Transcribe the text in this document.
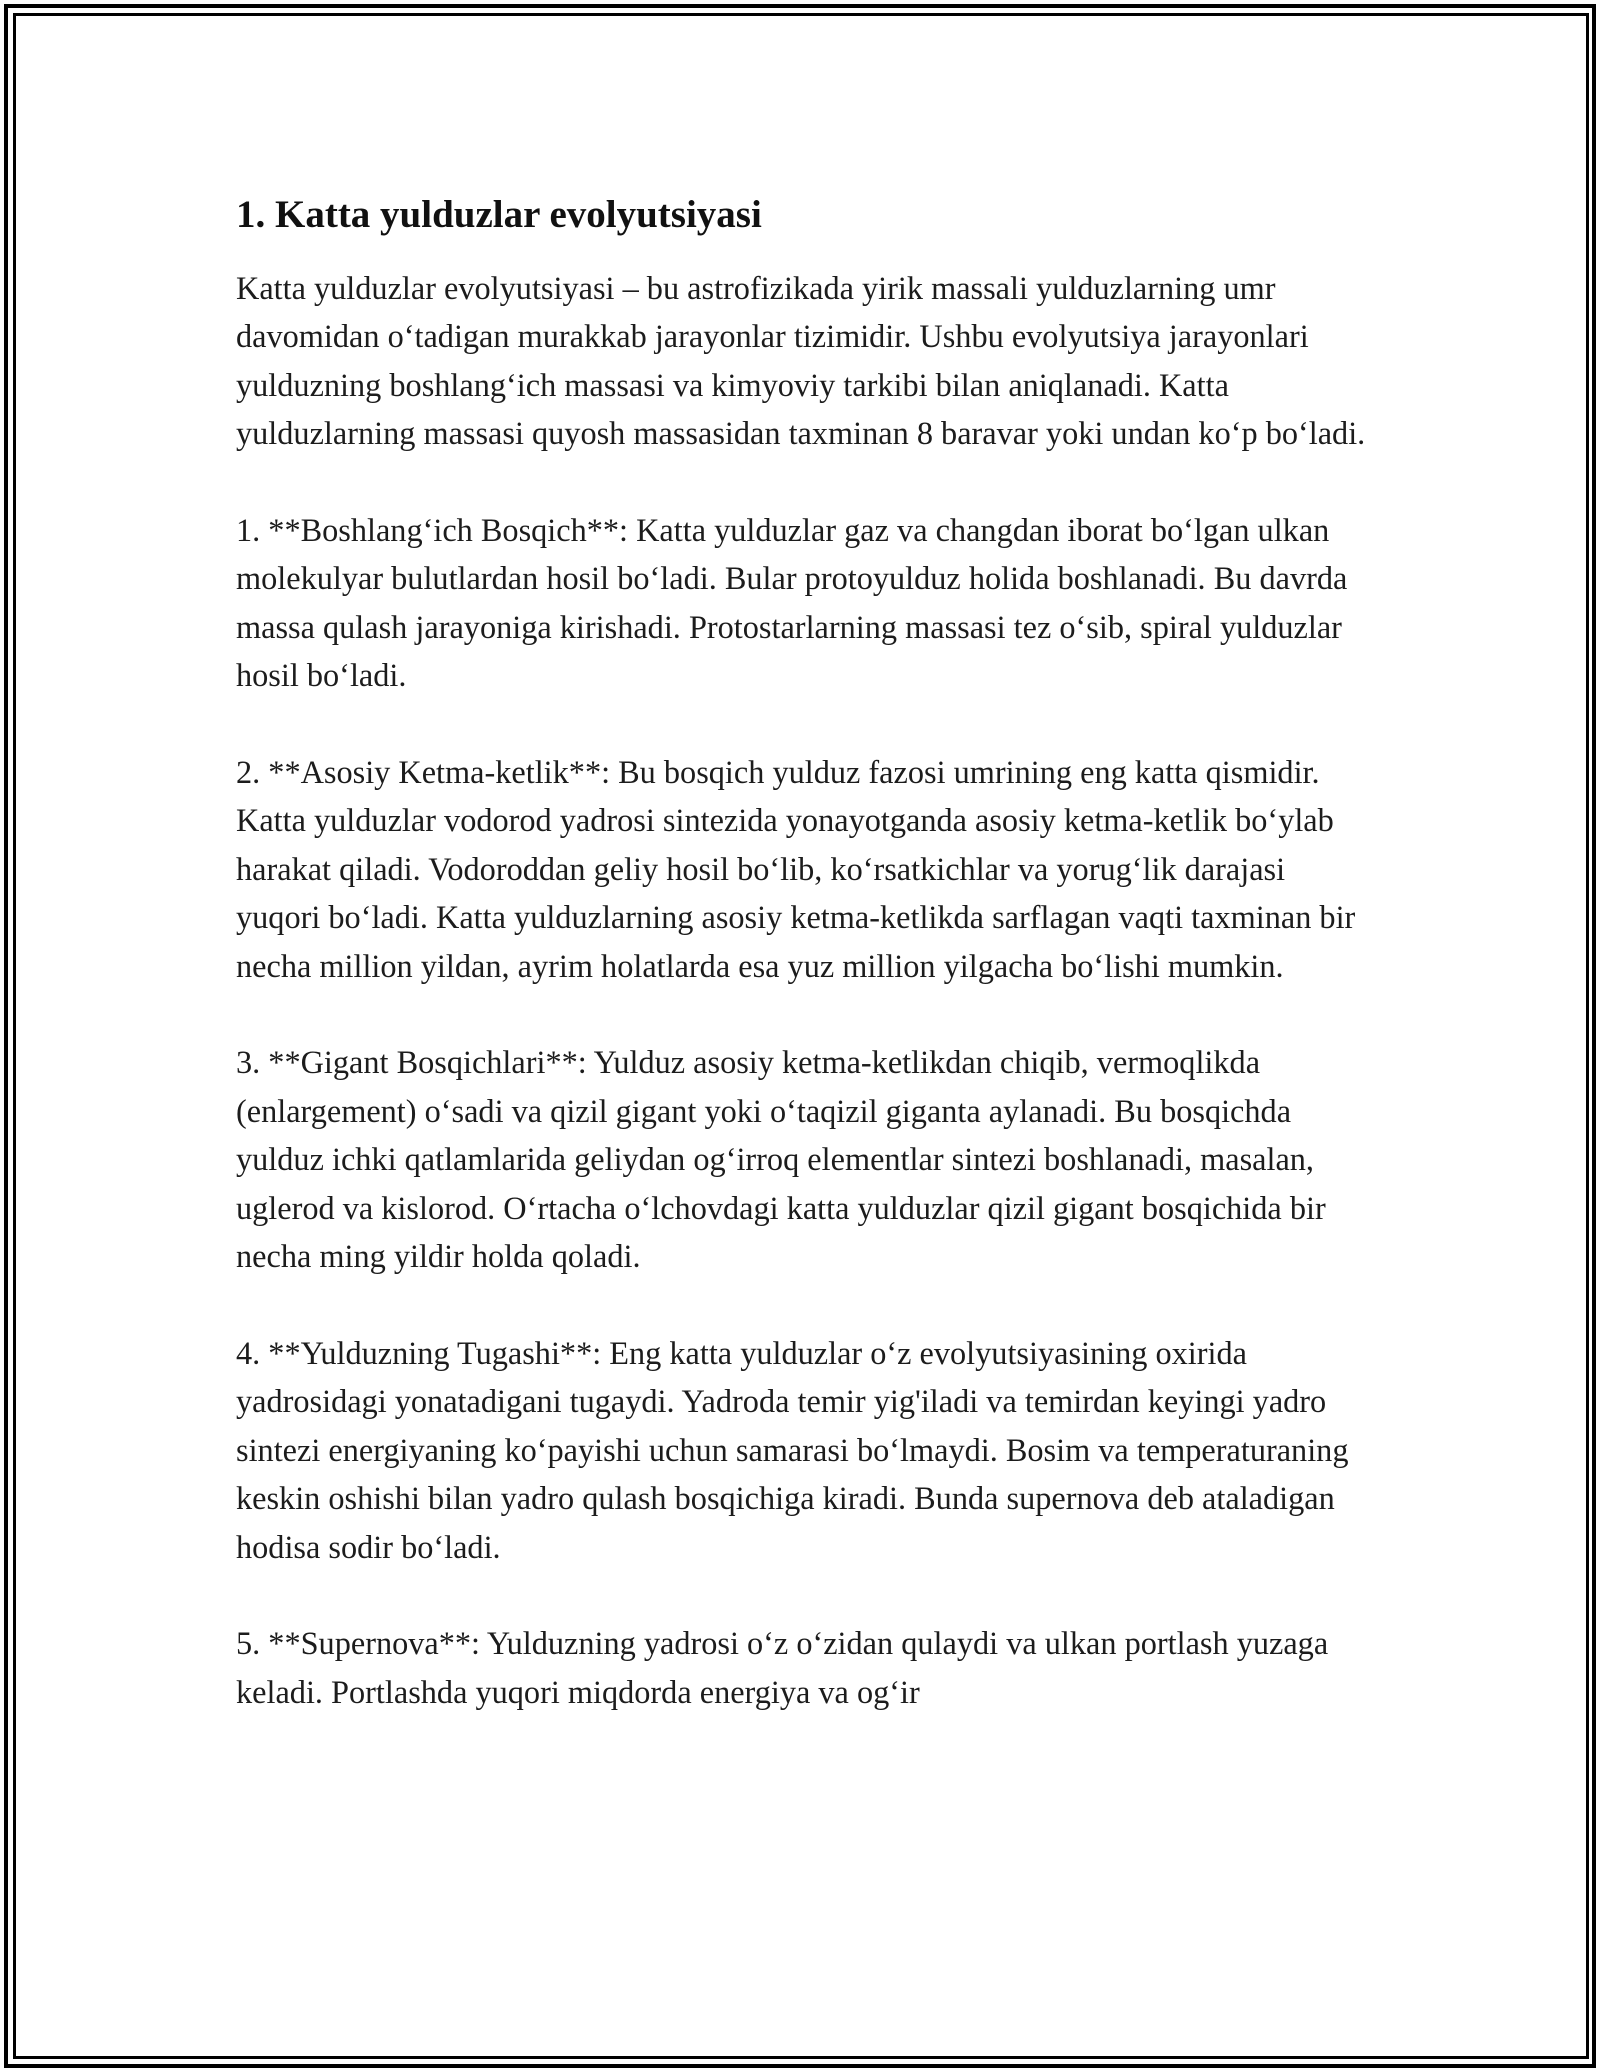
1. Katta yulduzlar evolyutsiyasi

Katta yulduzlar evolyutsiyasi – bu astrofizikada yirik massali yulduzlarning umr davomidan o‘tadigan murakkab jarayonlar tizimidir. Ushbu evolyutsiya jarayonlari yulduzning boshlang‘ich massasi va kimyoviy tarkibi bilan aniqlanadi. Katta yulduzlarning massasi quyosh massasidan taxminan 8 baravar yoki undan ko‘p bo‘ladi.

1. **Boshlang‘ich Bosqich**: Katta yulduzlar gaz va changdan iborat bo‘lgan ulkan molekulyar bulutlardan hosil bo‘ladi. Bular protoyulduz holida boshlanadi. Bu davrda massa qulash jarayoniga kirishadi. Protostarlarning massasi tez o‘sib, spiral yulduzlar hosil bo‘ladi.

2. **Asosiy Ketma-ketlik**: Bu bosqich yulduz fazosi umrining eng katta qismidir. Katta yulduzlar vodorod yadrosi sintezida yonayotganda asosiy ketma-ketlik bo‘ylab harakat qiladi. Vodoroddan geliy hosil bo‘lib, ko‘rsatkichlar va yorug‘lik darajasi yuqori bo‘ladi. Katta yulduzlarning asosiy ketma-ketlikda sarflagan vaqti taxminan bir necha million yildan, ayrim holatlarda esa yuz million yilgacha bo‘lishi mumkin.

3. **Gigant Bosqichlari**: Yulduz asosiy ketma-ketlikdan chiqib, vermoqlikda (enlargement) o‘sadi va qizil gigant yoki o‘taqizil giganta aylanadi. Bu bosqichda yulduz ichki qatlamlarida geliydan og‘irroq elementlar sintezi boshlanadi, masalan, uglerod va kislorod. O‘rtacha o‘lchovdagi katta yulduzlar qizil gigant bosqichida bir necha ming yildir holda qoladi.

4. **Yulduzning Tugashi**: Eng katta yulduzlar o‘z evolyutsiyasining oxirida yadrosidagi yonatadigani tugaydi. Yadroda temir yig'iladi va temirdan keyingi yadro sintezi energiyaning ko‘payishi uchun samarasi bo‘lmaydi. Bosim va temperaturaning keskin oshishi bilan yadro qulash bosqichiga kiradi. Bunda supernova deb ataladigan hodisa sodir bo‘ladi.

5. **Supernova**: Yulduzning yadrosi o‘z o‘zidan qulaydi va ulkan portlash yuzaga keladi. Portlashda yuqori miqdorda energiya va og‘ir
